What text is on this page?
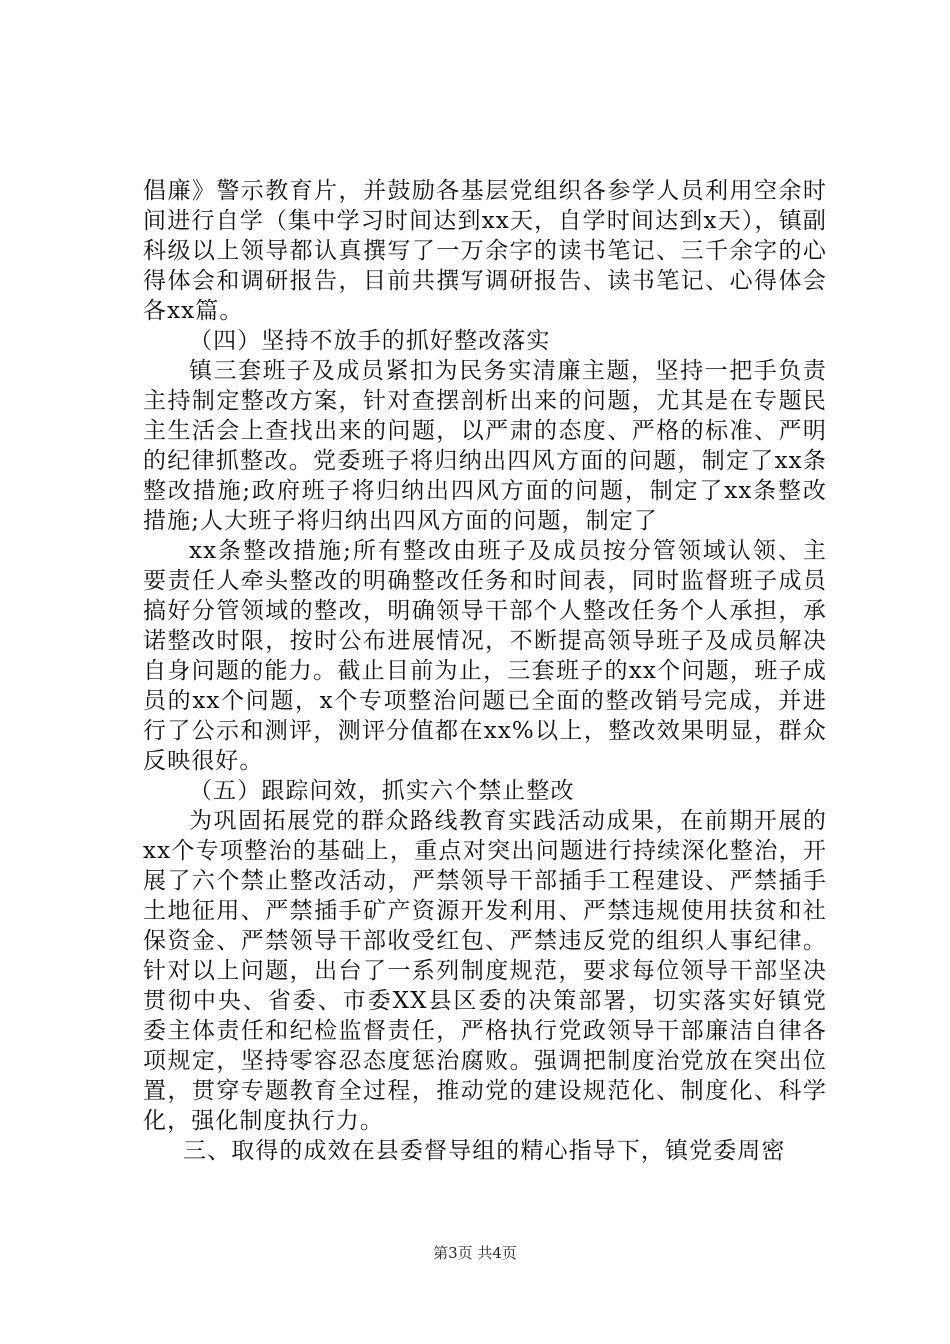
倡廉》警示教育片，并鼓励各基层党组织各参学人员利用空余时间进行自学（集中学习时间达到xx天，自学时间达到x天），镇副科级以上领导都认真撰写了一万余字的读书笔记、三千余字的心得体会和调研报告，目前共撰写调研报告、读书笔记、心得体会各xx篇。

（四）坚持不放手的抓好整改落实

镇三套班子及成员紧扣为民务实清廉主题，坚持一把手负责主持制定整改方案，针对查摆剖析出来的问题，尤其是在专题民主生活会上查找出来的问题，以严肃的态度、严格的标准、严明的纪律抓整改。党委班子将归纳出四风方面的问题，制定了xx条整改措施;政府班子将归纳出四风方面的问题，制定了xx条整改措施;人大班子将归纳出四风方面的问题，制定了

xx条整改措施;所有整改由班子及成员按分管领域认领、主要责任人牵头整改的明确整改任务和时间表，同时监督班子成员搞好分管领域的整改，明确领导干部个人整改任务个人承担，承诺整改时限，按时公布进展情况，不断提高领导班子及成员解决自身问题的能力。截止目前为止，三套班子的xx个问题，班子成员的xx个问题，x个专项整治问题已全面的整改销号完成，并进行了公示和测评，测评分值都在xx%以上，整改效果明显，群众反映很好。

（五）跟踪问效，抓实六个禁止整改

为巩固拓展党的群众路线教育实践活动成果，在前期开展的xx个专项整治的基础上，重点对突出问题进行持续深化整治，开展了六个禁止整改活动，严禁领导干部插手工程建设、严禁插手土地征用、严禁插手矿产资源开发利用、严禁违规使用扶贫和社保资金、严禁领导干部收受红包、严禁违反党的组织人事纪律。针对以上问题，出台了一系列制度规范，要求每位领导干部坚决贯彻中央、省委、市委XX县区委的决策部署，切实落实好镇党委主体责任和纪检监督责任，严格执行党政领导干部廉洁自律各项规定，坚持零容忍态度惩治腐败。强调把制度治党放在突出位置，贯穿专题教育全过程，推动党的建设规范化、制度化、科学化，强化制度执行力。

三、取得的成效在县委督导组的精心指导下，镇党委周密

第3页 共4页
